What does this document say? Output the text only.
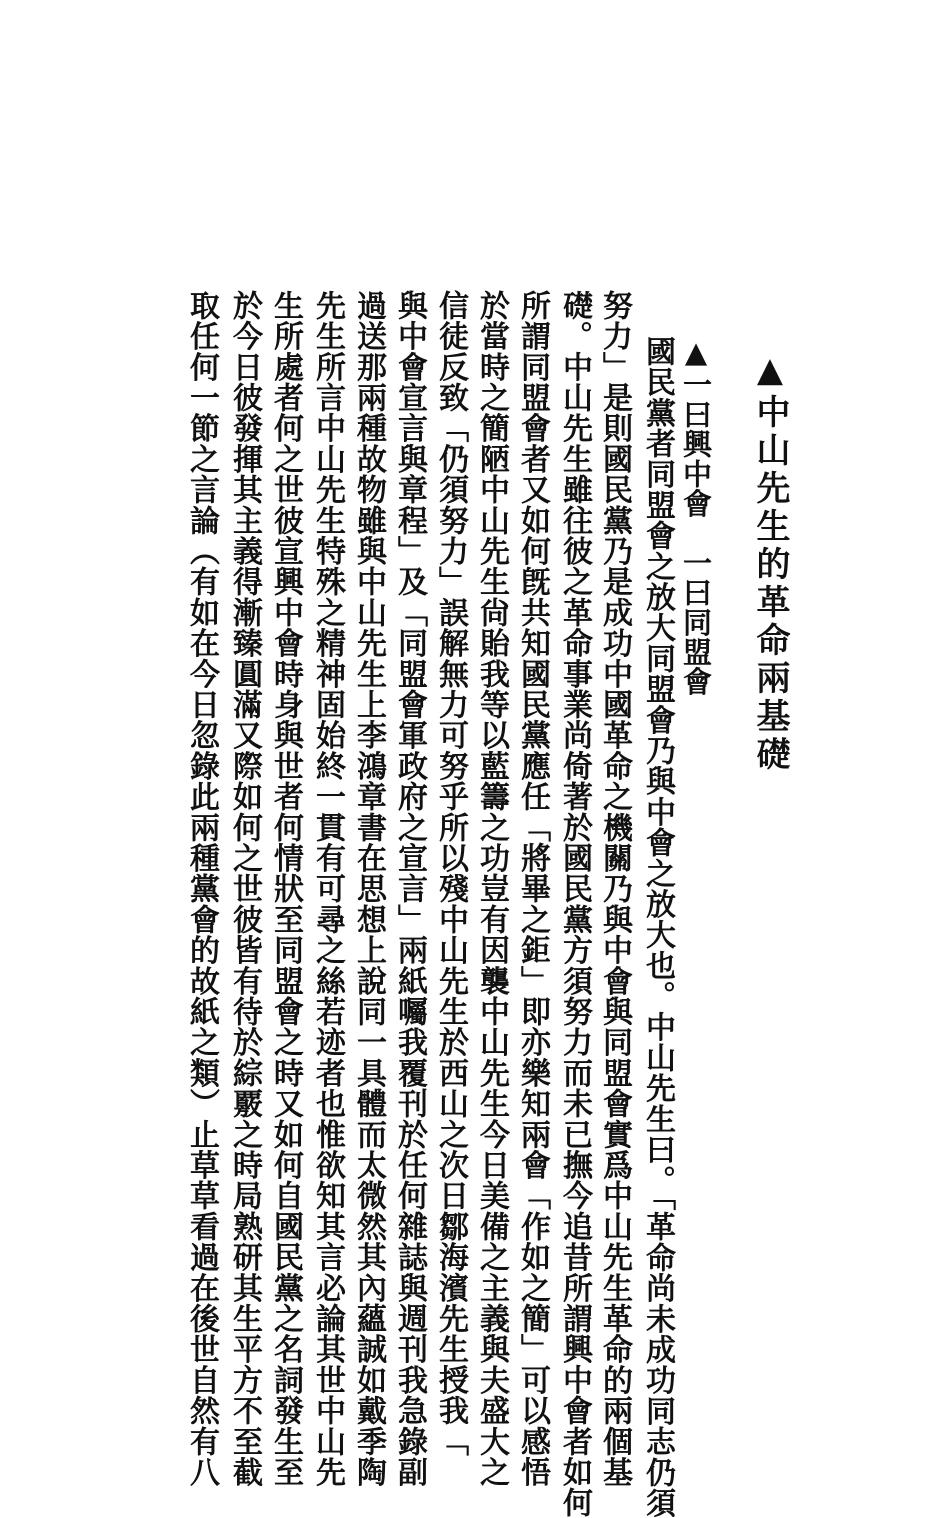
▲中山先生的革命兩基礎
▲一曰興中會　一曰同盟會
國民黨者同盟會之放大同盟會乃與中會之放大也。中山先生曰。「革命尚未成功同志仍須
努力」是則國民黨乃是成功中國革命之機關乃與中會與同盟會實爲中山先生革命的兩個基
礎。中山先生雖往彼之革命事業尚倚著於國民黨方須努力而未已撫今追昔所謂興中會者如何
所謂同盟會者又如何旣共知國民黨應任「將畢之鉅」即亦樂知兩會「作如之簡」可以感悟
於當時之簡陋中山先生尙貽我等以藍籌之功豈有因襲中山先生今日美備之主義與夫盛大之
信徒反致「仍須努力」誤解無力可努乎所以殘中山先生於西山之次日鄒海濱先生授我「
與中會宣言與章程」及「同盟會軍政府之宣言」兩紙囑我覆刊於任何雜誌與週刊我急錄副
過送那兩種故物雖與中山先生上李鴻章書在思想上說同一具體而太微然其內蘊誠如戴季陶
先生所言中山先生特殊之精神固始終一貫有可尋之絲若迹者也惟欲知其言必論其世中山先
生所處者何之世彼宣興中會時身與世者何情狀至同盟會之時又如何自國民黨之名詞發生至
於今日彼發揮其主義得漸臻圓滿又際如何之世彼皆有待於綜覈之時局熟研其生平方不至截
取任何一節之言論（有如在今日忽錄此兩種黨會的故紙之類）止草草看過在後世自然有八
